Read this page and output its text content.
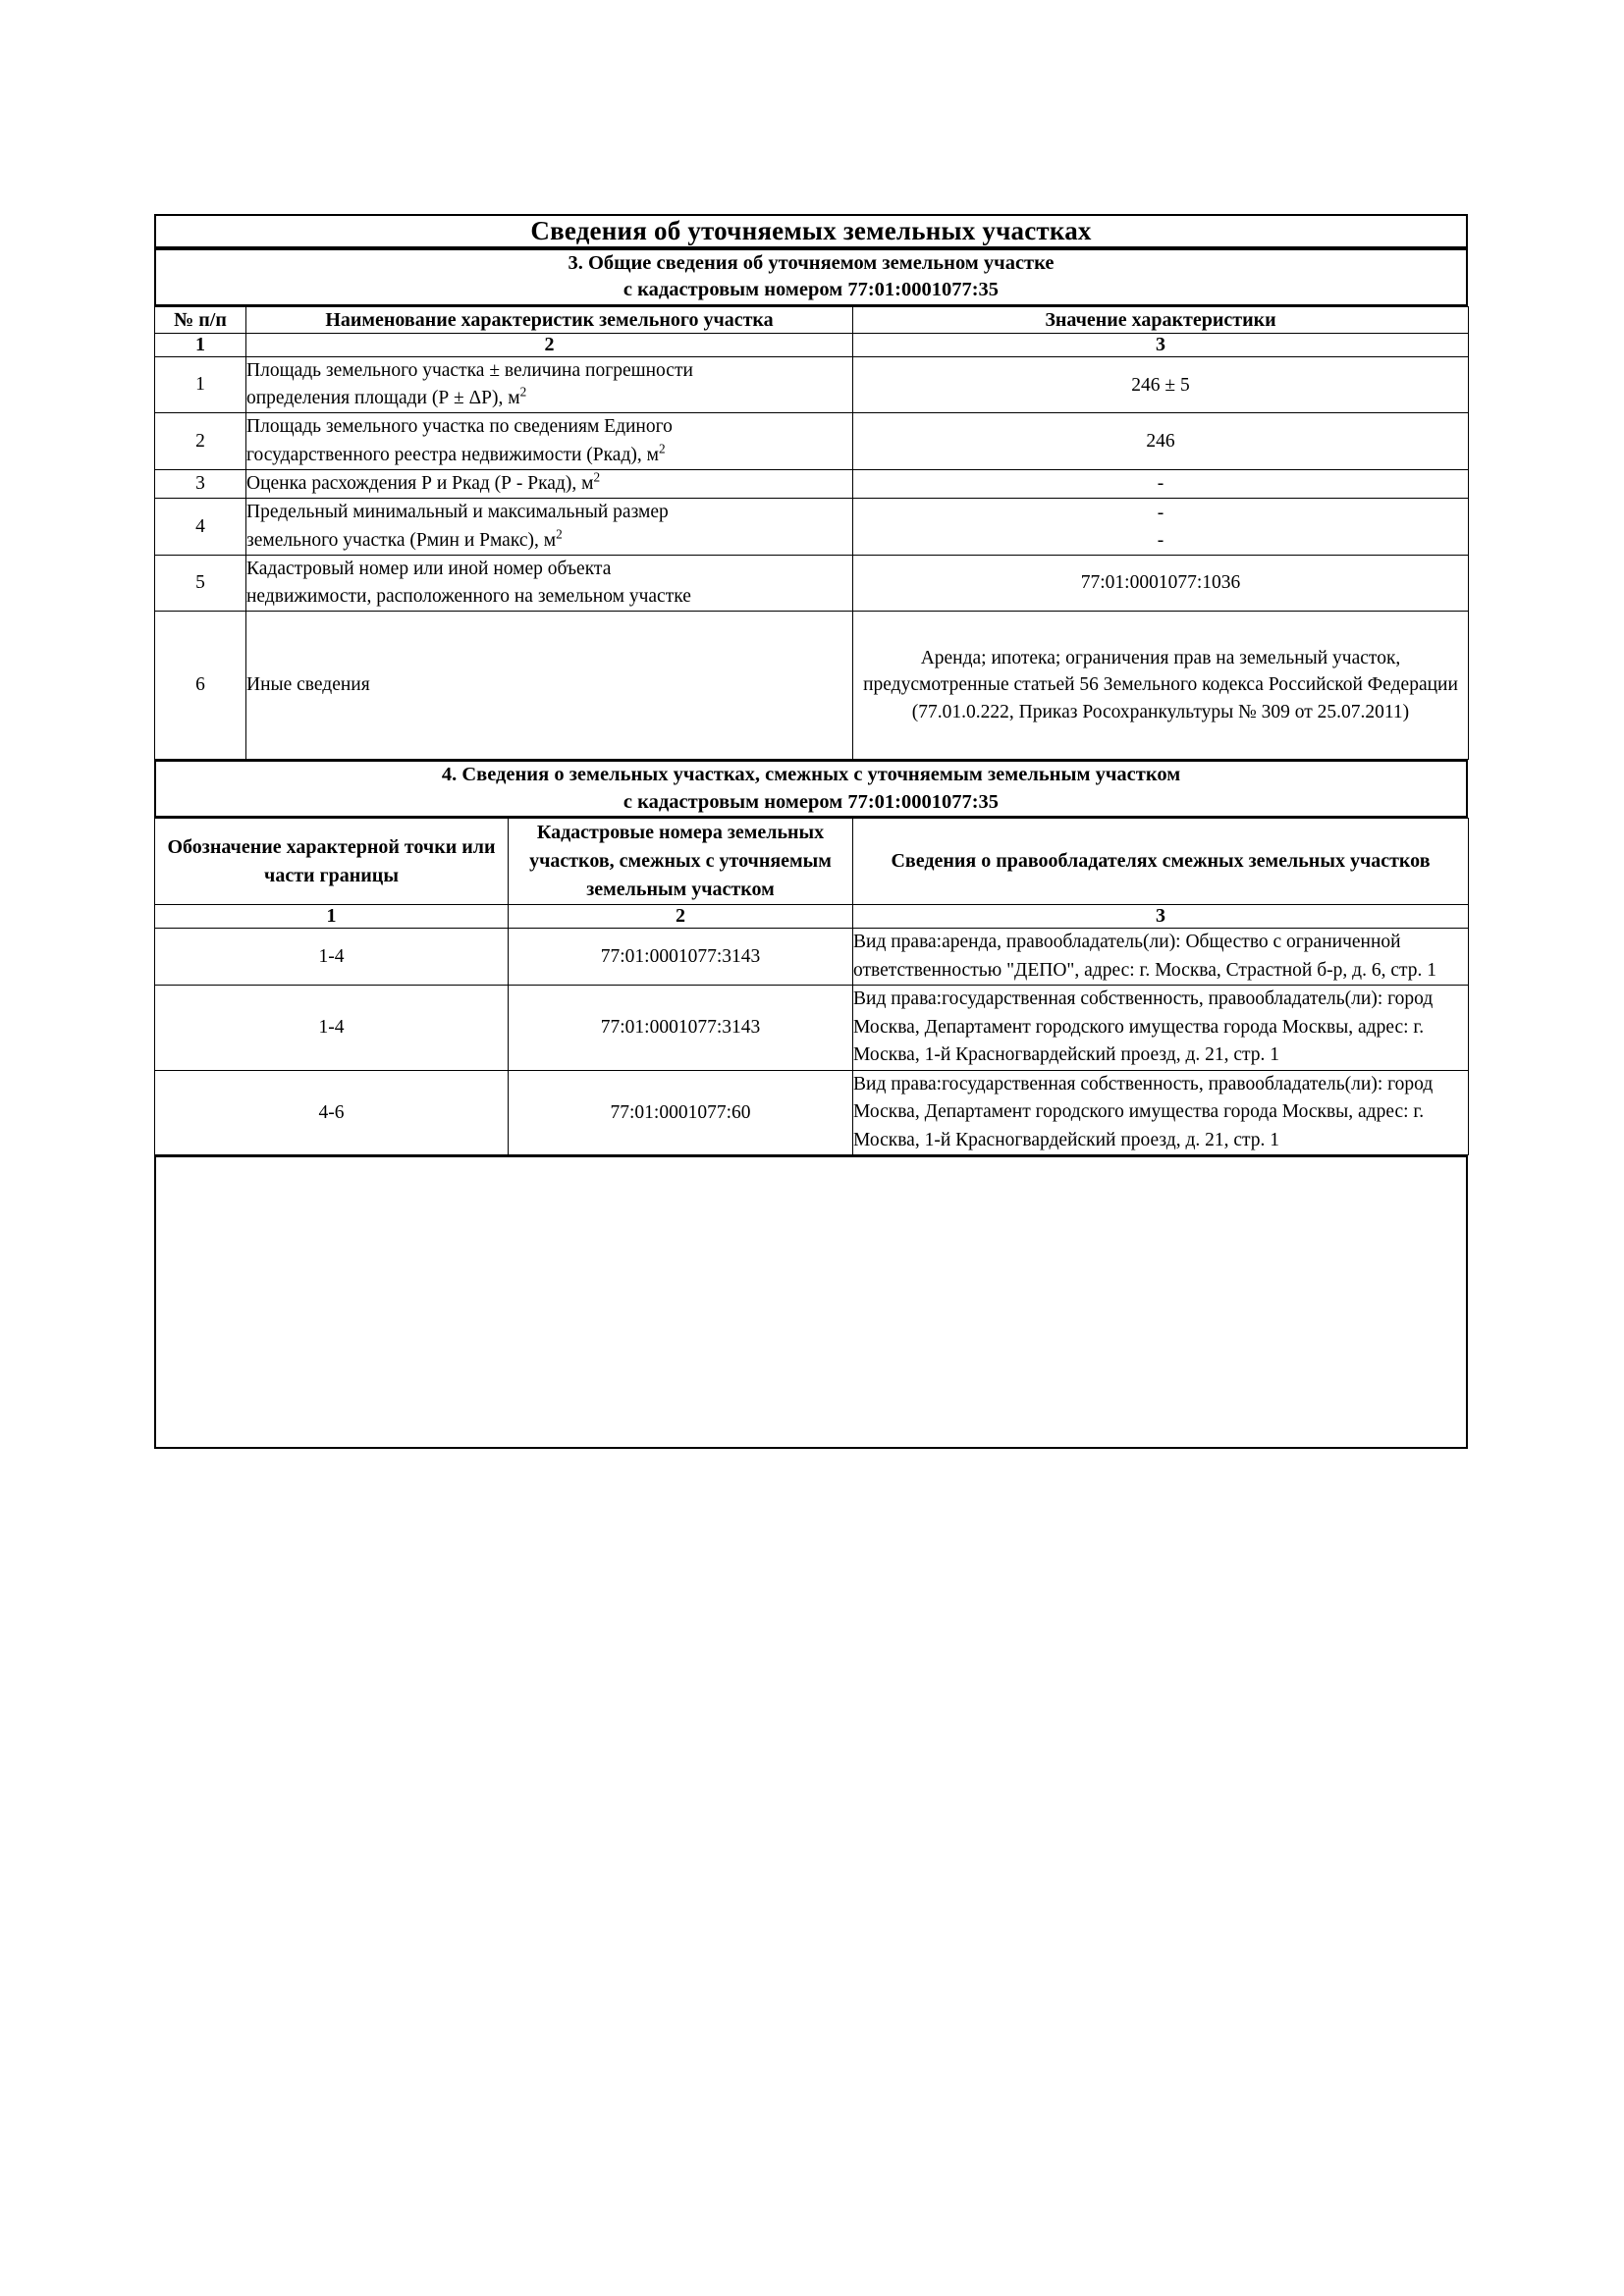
Сведения об уточняемых земельных участках
3. Общие сведения об уточняемом земельном участке
с кадастровым номером 77:01:0001077:35
№ п/п	Наименование характеристик земельного участка	Значение характеристики
1	2	3
1	Площадь земельного участка ± величина погрешности
определения площади (Р ± ΔР), $м^2$	246 ± 5
2	Площадь земельного участка по сведениям Единого
государственного реестра недвижимости (Ркад), $м^2$	246
3	Оценка расхождения Р и Ркад (Р - Ркад), $м^2$	-
4	Предельный минимальный и максимальный размер
земельного участка (Рмин и Рмакс), $м^2$	-
-

5	Кадастровый номер или иной номер объекта
недвижимости, расположенного на земельном участке	77:01:0001077:1036
6	Иные сведения	Аренда; ипотека; ограничения прав на земельный участок, предусмотренные статьей 56 Земельного кодекса Российской Федерации (77.01.0.222, Приказ Росохранкультуры № 309 от 25.07.2011)
4. Сведения о земельных участках, смежных с уточняемым земельным участком
с кадастровым номером 77:01:0001077:35
Обозначение характерной точки или части границы	Кадастровые номера земельных участков, смежных с уточняемым земельным участком	Сведения о правообладателях смежных земельных участков
1	2	3
1-4	77:01:0001077:3143	Вид права:аренда, правообладатель(ли): Общество с ограниченной ответственностью "ДЕПО", адрес: г. Москва, Страстной б-р, д. 6, стр. 1
1-4	77:01:0001077:3143	Вид права:государственная собственность, правообладатель(ли): город Москва, Департамент городского имущества города Москвы, адрес: г. Москва, 1-й Красногвардейский проезд, д. 21, стр. 1
4-6	77:01:0001077:60	Вид права:государственная собственность, правообладатель(ли): город Москва, Департамент городского имущества города Москвы, адрес: г. Москва, 1-й Красногвардейский проезд, д. 21, стр. 1
